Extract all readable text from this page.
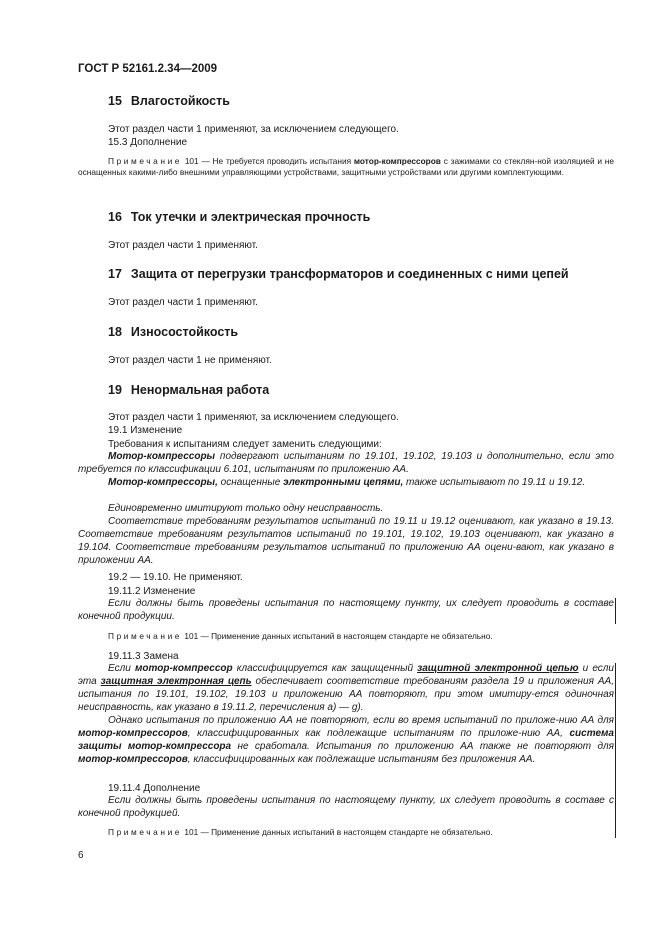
ГОСТ Р 52161.2.34—2009
15 Влагостойкость
Этот раздел части 1 применяют, за исключением следующего.
15.3 Дополнение
Примечание 101 — Не требуется проводить испытания мотор-компрессоров с зажимами со стеклян-ной изоляцией и не оснащенных какими-либо внешними управляющими устройствами, защитными устройствами или другими комплектующими.
16 Ток утечки и электрическая прочность
Этот раздел части 1 применяют.
17 Защита от перегрузки трансформаторов и соединенных с ними цепей
Этот раздел части 1 применяют.
18 Износостойкость
Этот раздел части 1 не применяют.
19 Ненормальная работа
Этот раздел части 1 применяют, за исключением следующего.
19.1 Изменение
Требования к испытаниям следует заменить следующими:
Мотор-компрессоры подвергают испытаниям по 19.101, 19.102, 19.103 и дополнительно, если это требуется по классификации 6.101, испытаниям по приложению АА.
Мотор-компрессоры, оснащенные электронными цепями, также испытывают по 19.11 и 19.12.
Единовременно имитируют только одну неисправность.
Соответствие требованиям результатов испытаний по 19.11 и 19.12 оценивают, как указано в 19.13. Соответствие требованиям результатов испытаний по 19.101, 19.102, 19.103 оценивают, как указано в 19.104. Соответствие требованиям результатов испытаний по приложению АА оцени-вают, как указано в приложении АА.
19.2 — 19.10. Не применяют.
19.11.2 Изменение
Если должны быть проведены испытания по настоящему пункту, их следует проводить в составе конечной продукции.
Примечание 101 — Применение данных испытаний в настоящем стандарте не обязательно.
19.11.3 Замена
Если мотор-компрессор классифицируется как защищенный защитной электронной цепью и если эта защитная электронная цепь обеспечивает соответствие требованиям раздела 19 и приложения АА, испытания по 19.101, 19.102, 19.103 и приложению АА повторяют, при этом имитиру-ется одиночная неисправность, как указано в 19.11.2, перечисления a) — g).
Однако испытания по приложению АА не повторяют, если во время испытаний по приложе-нию АА для мотор-компрессоров, классифицированных как подлежащие испытаниям по приложе-нию АА, система защиты мотор-компрессора не сработала. Испытания по приложению АА также не повторяют для мотор-компрессоров, классифицированных как подлежащие испытаниям без приложения АА.
19.11.4 Дополнение
Если должны быть проведены испытания по настоящему пункту, их следует проводить в составе с конечной продукцией.
Примечание 101 — Применение данных испытаний в настоящем стандарте не обязательно.
6
